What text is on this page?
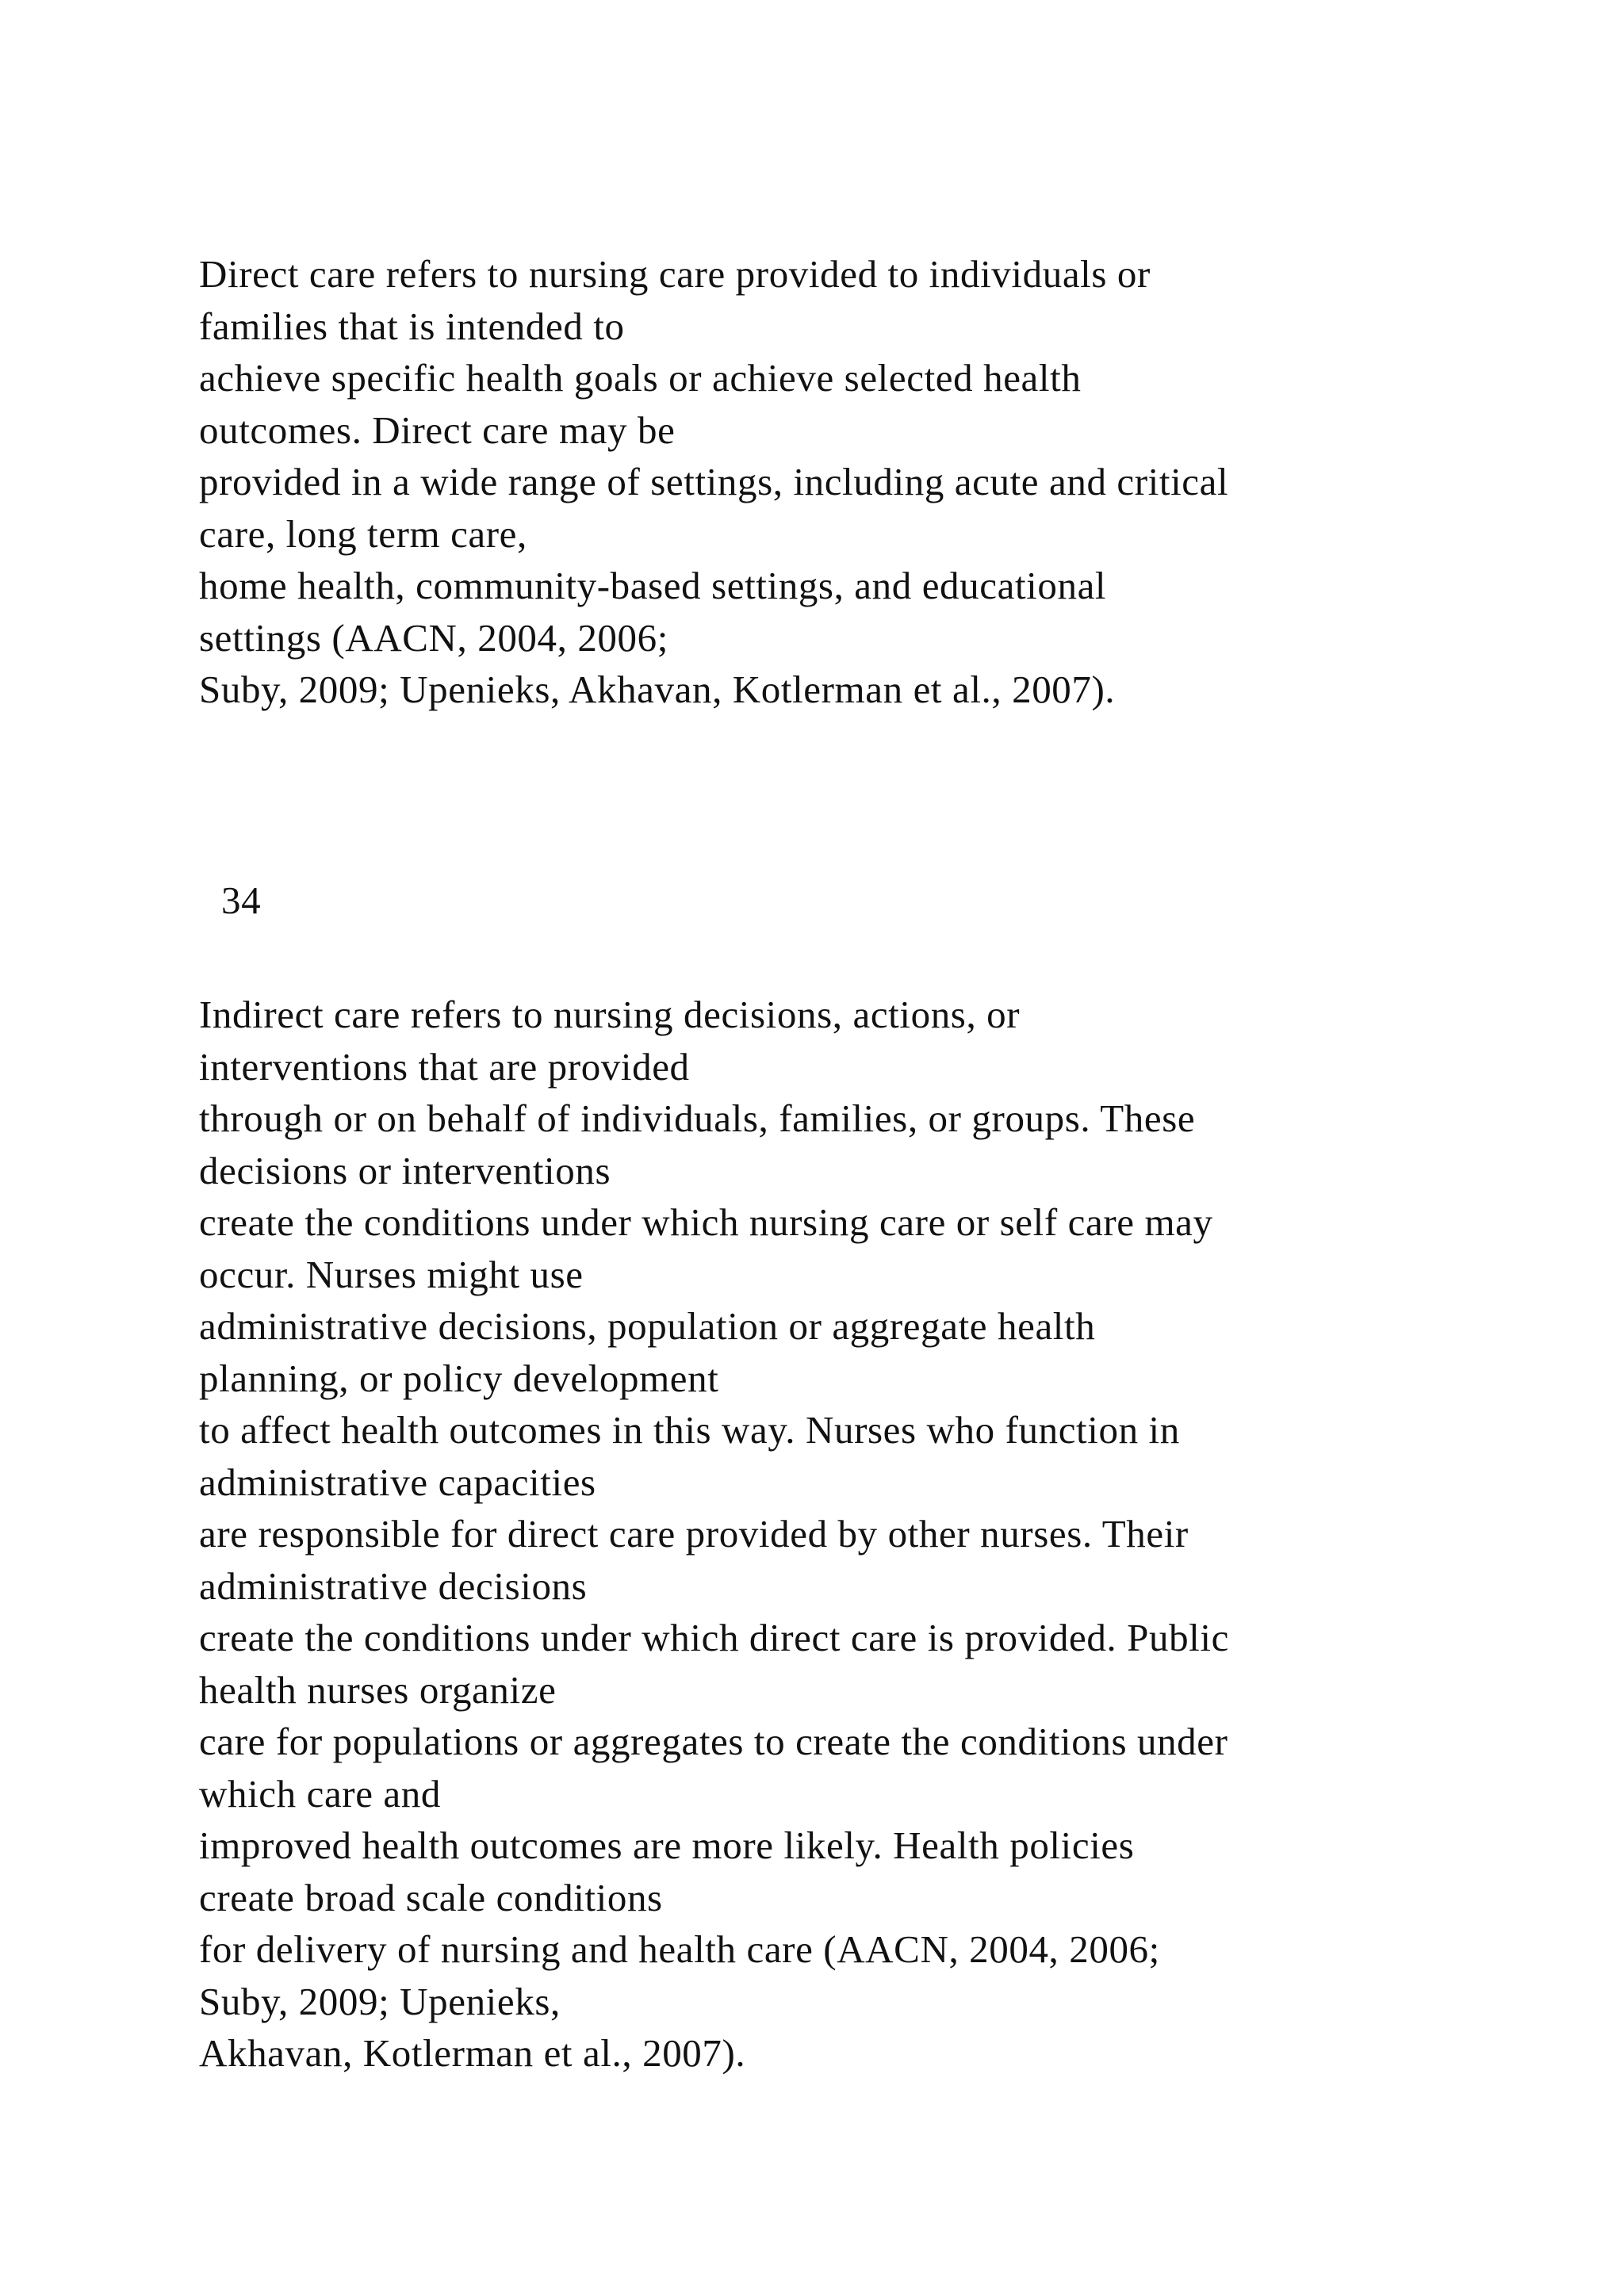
Direct care refers to nursing care provided to individuals or
families that is intended to
achieve specific health goals or achieve selected health
outcomes. Direct care may be
provided in a wide range of settings, including acute and critical
care, long term care,
home health, community-based settings, and educational
settings (AACN, 2004, 2006;
Suby, 2009; Upenieks, Akhavan, Kotlerman et al., 2007).

34

Indirect care refers to nursing decisions, actions, or
interventions that are provided
through or on behalf of individuals, families, or groups. These
decisions or interventions
create the conditions under which nursing care or self care may
occur. Nurses might use
administrative decisions, population or aggregate health
planning, or policy development
to affect health outcomes in this way. Nurses who function in
administrative capacities
are responsible for direct care provided by other nurses. Their
administrative decisions
create the conditions under which direct care is provided. Public
health nurses organize
care for populations or aggregates to create the conditions under
which care and
improved health outcomes are more likely. Health policies
create broad scale conditions
for delivery of nursing and health care (AACN, 2004, 2006;
Suby, 2009; Upenieks,
Akhavan, Kotlerman et al., 2007).
